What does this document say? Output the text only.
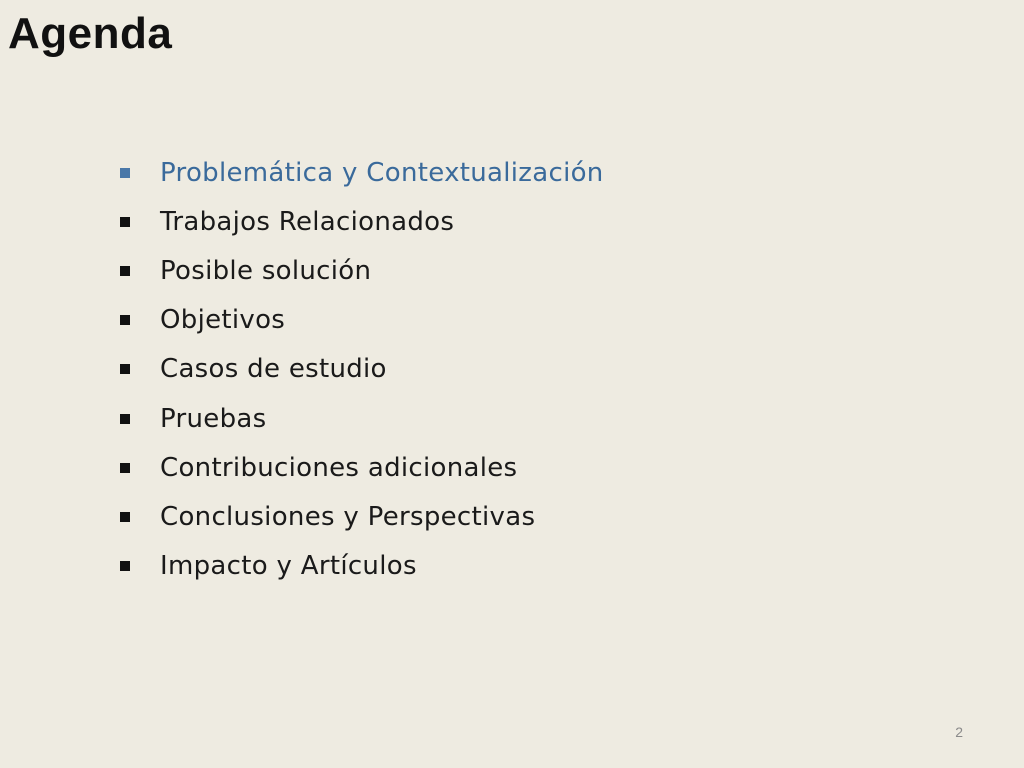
Agenda
Problemática y Contextualización
Trabajos Relacionados
Posible solución
Objetivos
Casos de estudio
Pruebas
Contribuciones adicionales
Conclusiones y Perspectivas
Impacto y Artículos
2
